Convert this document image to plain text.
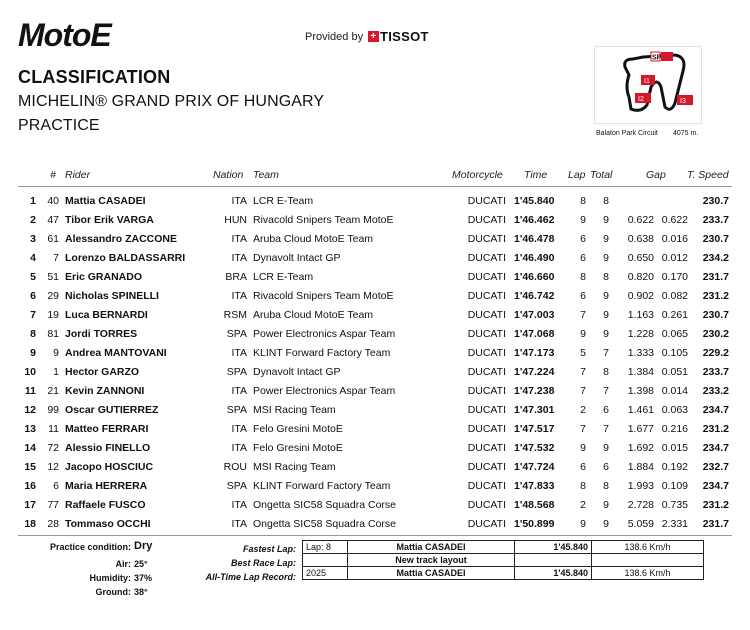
MotoE	Provided by + TISSOT
CLASSIFICATION
MICHELIN® GRAND PRIX OF HUNGARY
PRACTICE
SF
I1
I2	I3
Balaton Park Circuit 4075 m.
# Rider	Nation Team	Motorcycle Time Lap Total	Gap T. Speed
1	40 Mattia CASADEI	ITA LCR E-Team	DUCATI 1'45.840	8	8	230.7
2	47 Tibor Erik VARGA	HUN Rivacold Snipers Team MotoE	DUCATI 1'46.462	9	9	0.622 0.622	233.7
3	61 Alessandro ZACCONE	ITA Aruba Cloud MotoE Team	DUCATI 1'46.478	6	9	0.638 0.016	230.7
4	7 Lorenzo BALDASSARRI	ITA Dynavolt Intact GP	DUCATI 1'46.490	6	9	0.650 0.012	234.2
5	51 Eric GRANADO	BRA LCR E-Team	DUCATI 1'46.660	8	8	0.820 0.170	231.7
6	29 Nicholas SPINELLI	ITA Rivacold Snipers Team MotoE	DUCATI 1'46.742	6	9	0.902 0.082	231.2
7	19 Luca BERNARDI	RSM Aruba Cloud MotoE Team	DUCATI 1'47.003	7	9	1.163 0.261	230.7
8	81 Jordi TORRES	SPA Power Electronics Aspar Team	DUCATI 1'47.068	9	9	1.228 0.065	230.2
9	9 Andrea MANTOVANI	ITA KLINT Forward Factory Team	DUCATI 1'47.173	5	7	1.333 0.105	229.2
10	1 Hector GARZO	SPA Dynavolt Intact GP	DUCATI 1'47.224	7	8	1.384 0.051	233.7
11	21 Kevin ZANNONI	ITA Power Electronics Aspar Team	DUCATI 1'47.238	7	7	1.398 0.014	233.2
12	99 Oscar GUTIERREZ	SPA MSI Racing Team	DUCATI 1'47.301	2	6	1.461 0.063	234.7
13	11 Matteo FERRARI	ITA Felo Gresini MotoE	DUCATI 1'47.517	7	7	1.677 0.216	231.2
14	72 Alessio FINELLO	ITA Felo Gresini MotoE	DUCATI 1'47.532	9	9	1.692 0.015	234.7
15	12 Jacopo HOSCIUC	ROU MSI Racing Team	DUCATI 1'47.724	6	6	1.884 0.192	232.7
16	6 Maria HERRERA	SPA KLINT Forward Factory Team	DUCATI 1'47.833	8	8	1.993 0.109	234.7
17	77 Raffaele FUSCO	ITA Ongetta SIC58 Squadra Corse	DUCATI 1'48.568	2	9	2.728 0.735	231.2
18	28 Tommaso OCCHI	ITA Ongetta SIC58 Squadra Corse	DUCATI 1'50.899	9	9	5.059 2.331	231.7
Practice condition: Dry
Air: 25°
Humidity: 37%
Ground: 38°
Fastest Lap:
Best Race Lap:
All-Time Lap Record:
Lap: 8	Mattia CASADEI	1'45.840	138.6 Km/h
	New track layout		
2025	Mattia CASADEI	1'45.840	138.6 Km/h
